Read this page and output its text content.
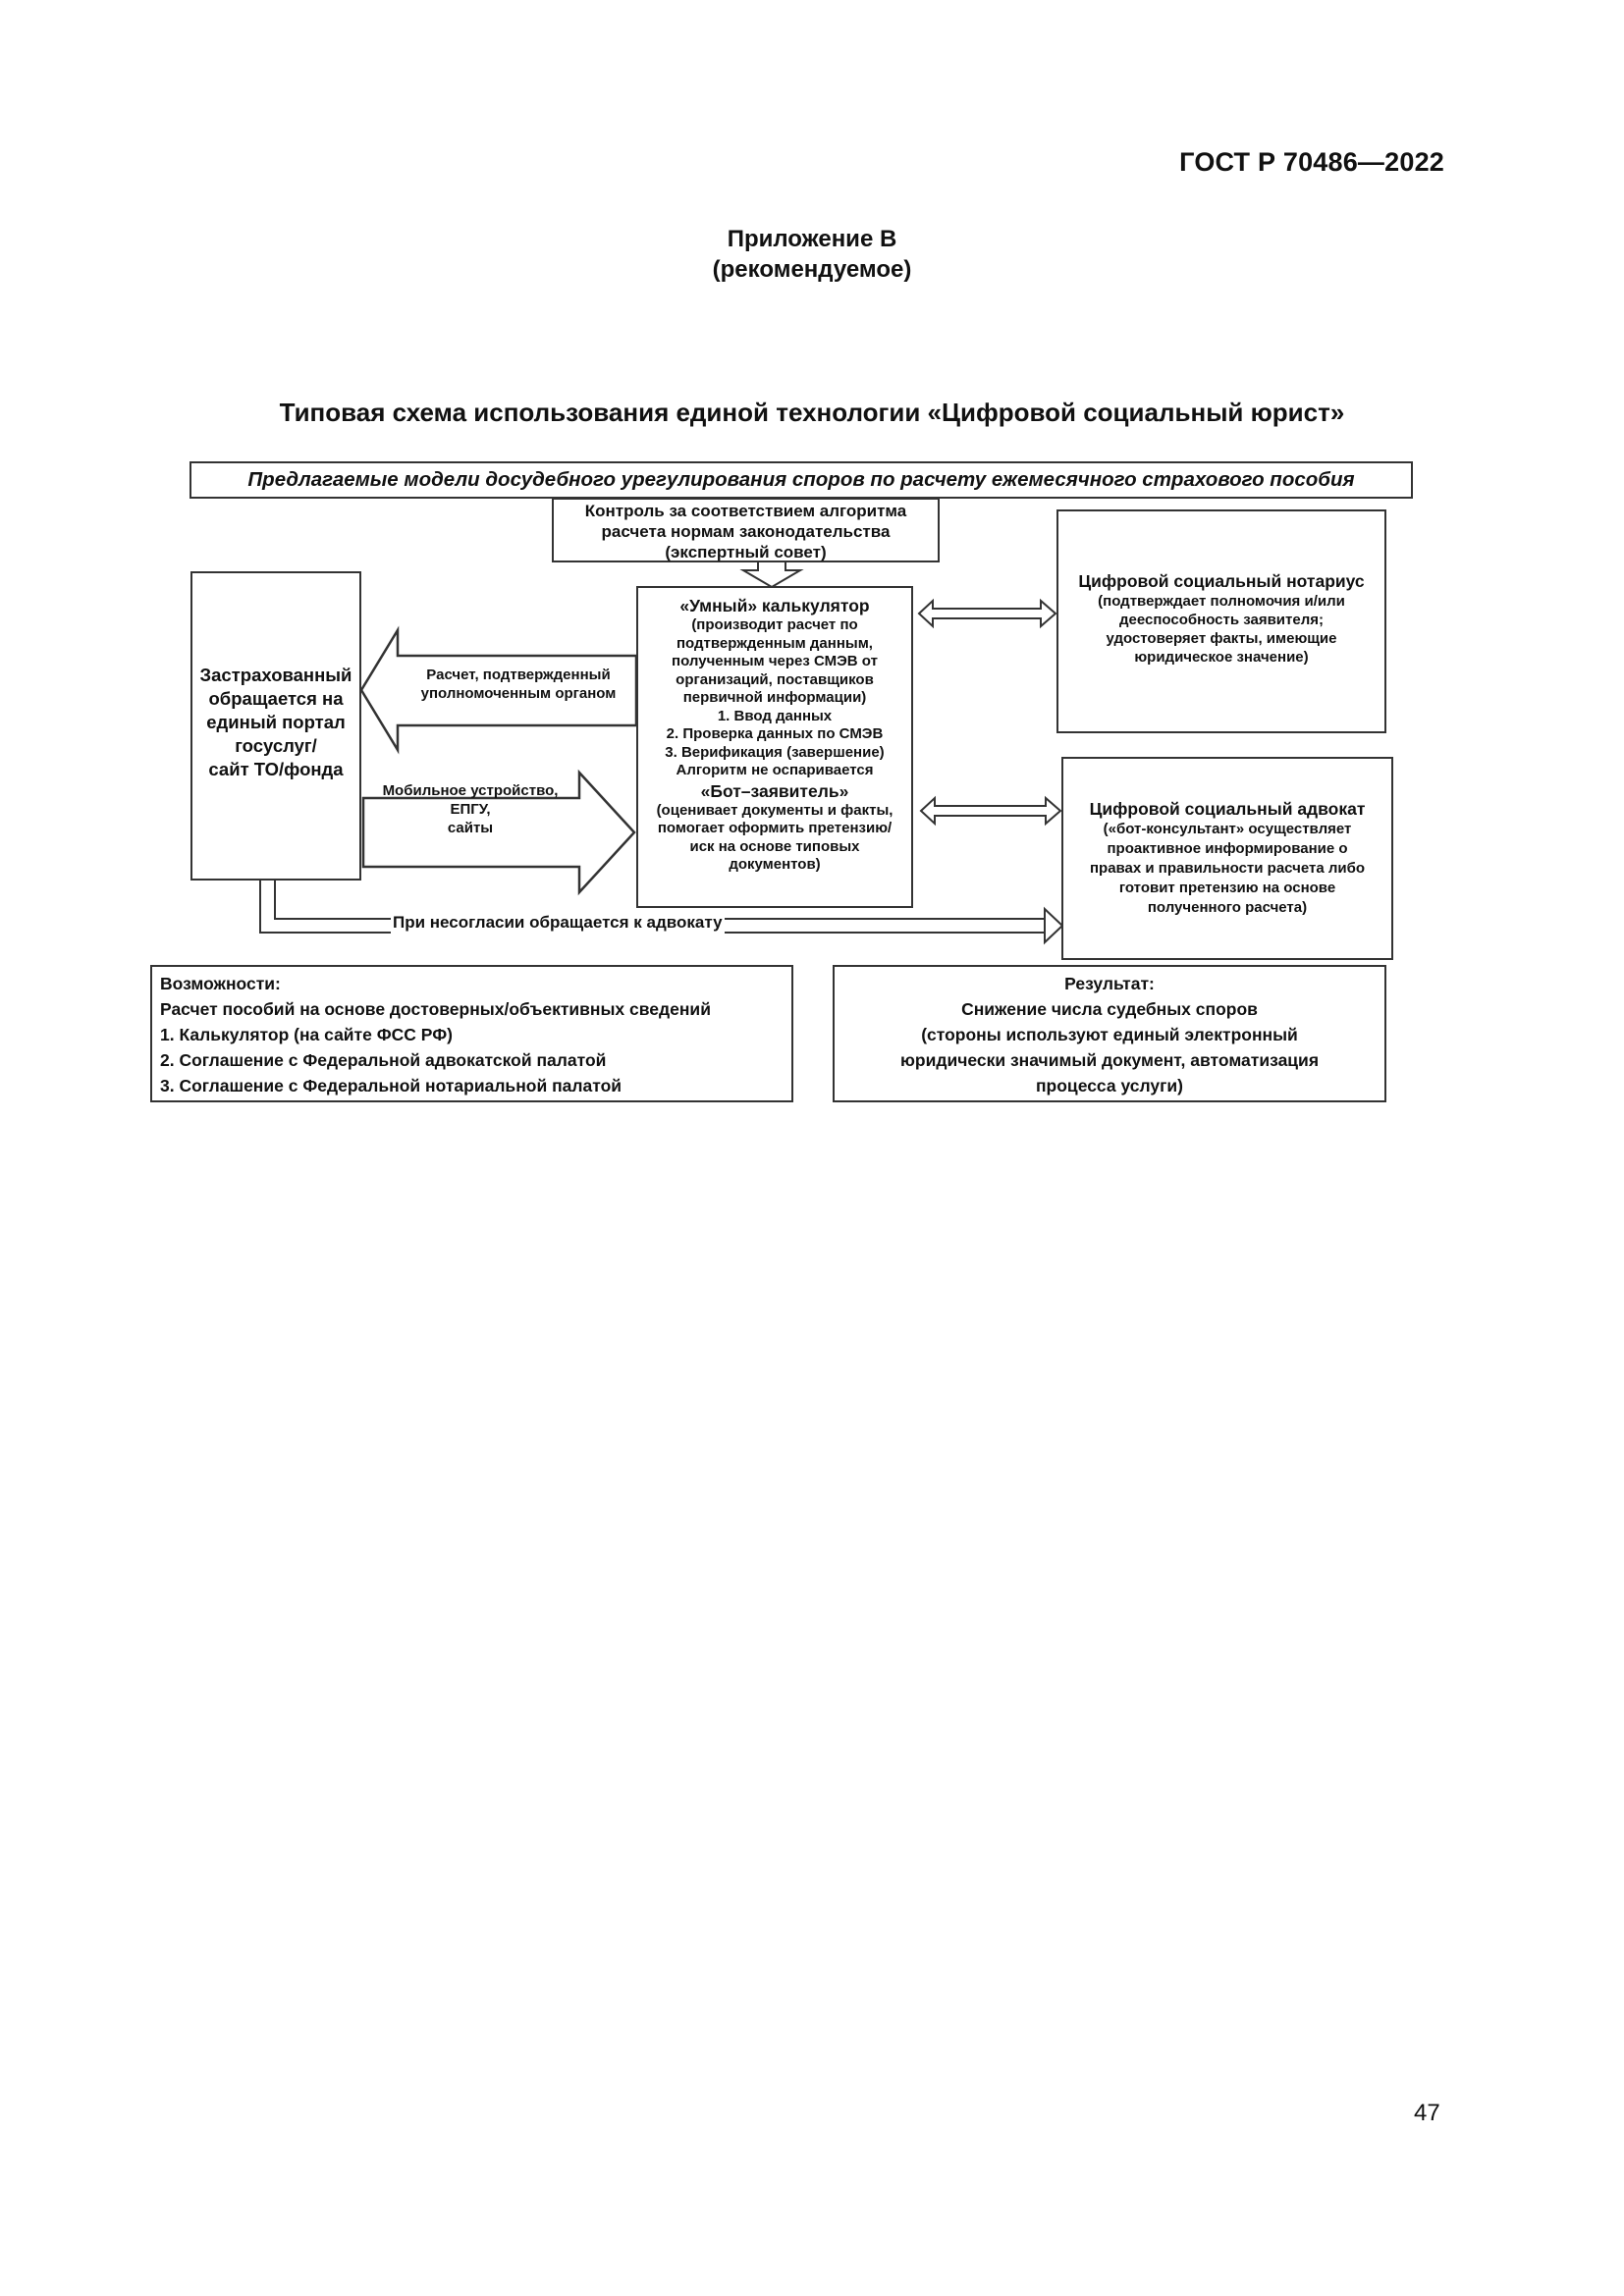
ГОСТ Р 70486—2022
Приложение В
(рекомендуемое)
Типовая схема использования единой технологии «Цифровой социальный юрист»
Предлагаемые модели досудебного урегулирования споров по расчету ежемесячного страхового пособия
Контроль за соответствием алгоритма
расчета нормам законодательства
(экспертный совет)
Застрахованный
обращается на
единый портал
госуслуг/
сайт ТО/фонда
Расчет, подтвержденный
уполномоченным органом
Мобильное устройство, ЕПГУ,
сайты
«Умный» калькулятор
(производит расчет по
подтвержденным данным,
полученным через СМЭВ от
организаций, поставщиков
первичной информации)
1. Ввод данных
2. Проверка данных по СМЭВ
3. Верификация (завершение)
Алгоритм не оспаривается
«Бот–заявитель»
(оценивает документы и факты,
помогает оформить претензию/
иск на основе типовых
документов)
Цифровой социальный нотариус
(подтверждает полномочия и/или
дееспособность заявителя;
удостоверяет факты, имеющие
юридическое значение)
Цифровой социальный адвокат
(«бот-консультант» осуществляет
проактивное информирование о
правах и правильности расчета либо
готовит претензию на основе
полученного расчета)
При несогласии обращается к адвокату
Возможности:
Расчет пособий на основе достоверных/объективных сведений
1. Калькулятор (на сайте ФСС РФ)
2. Соглашение с Федеральной адвокатской палатой
3. Соглашение с Федеральной нотариальной палатой
Результат:
Снижение числа судебных споров
(стороны используют единый электронный
юридически значимый документ, автоматизация
процесса услуги)
47
